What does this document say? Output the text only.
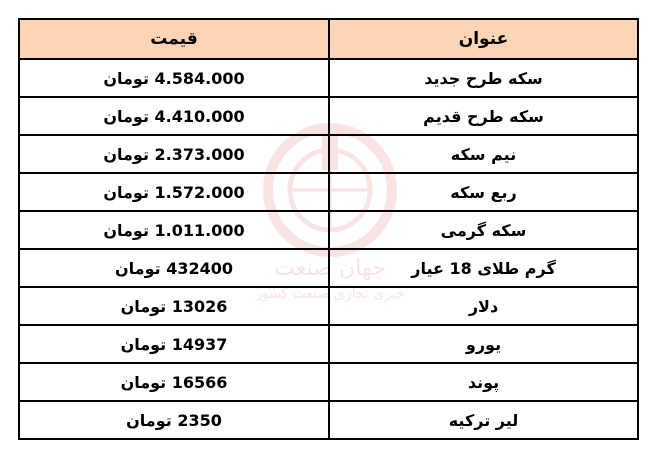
جهان صنعت
خبری تجاری صنعت کشور
عنوان	قیمت
سکه طرح جدید	4.584.000 تومان
سکه طرح قدیم	4.410.000 تومان
نیم سکه	2.373.000 تومان
ربع سکه	1.572.000 تومان
سکه گرمی	1.011.000 تومان
گرم طلای 18 عیار	432400 تومان
دلار	13026 تومان
یورو	14937 تومان
پوند	16566 تومان
لیر ترکیه	2350 تومان
